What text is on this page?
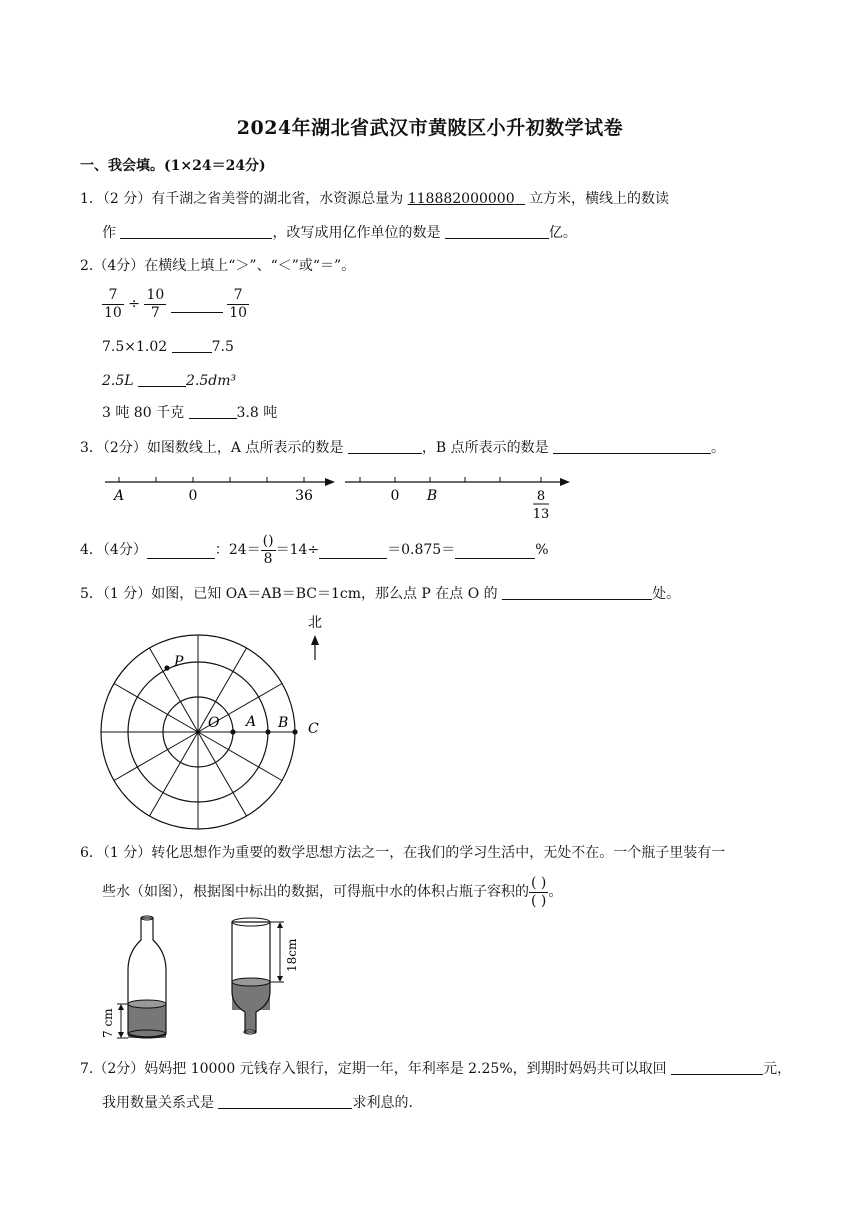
2024年湖北省武汉市黄陂区小升初数学试卷
一、我会填。(1×24＝24分)
1．（2 分）有千湖之省美誉的湖北省，水资源总量为 118882000000 立方米，横线上的数读
作	，改写成用亿作单位的数是	亿。
2.（4分）在横线上填上“＞”、“＜”或“＝”。
$\frac{7}{10} \div \frac{10}{7}$
	$\frac{7}{10}$
7.5×1.02	7.5
2.5L	2.5dm³
3 吨 80 千克	3.8 吨
3．（2分）如图数线上，A 点所表示的数是	，B 点所表示的数是	。
A	0	36	0 B	8
13
4．（4分）	：$24= \frac{()}{8} =14\div$	＝0.875＝	%
5．（1 分）如图，已知 OA＝AB＝BC＝1cm，那么点 P 在点 O 的	处。
北
P
O A B C
6．（1 分）转化思想作为重要的数学思想方法之一，在我们的学习生活中，无处不在。一个瓶子里装有一
些水（如图），根据图中标出的数据，可得瓶中水的体积占瓶子容积的 $\frac{( )}{( )}$ 。
7 cm
18cm
7.（2分）妈妈把 10000 元钱存入银行，定期一年，年利率是 2.25%，到期时妈妈共可以取回	元，
我用数量关系式是	求利息的.
